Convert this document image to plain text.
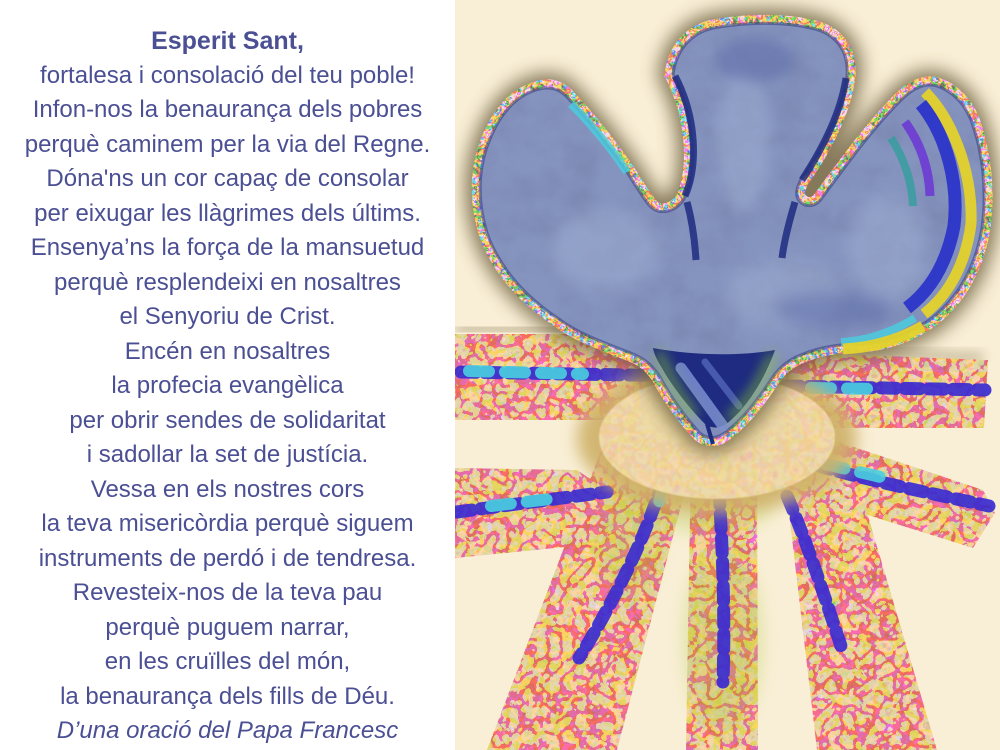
Esperit Sant,
fortalesa i consolació del teu poble!
Infon-nos la benaurança dels pobres
perquè caminem per la via del Regne.
Dóna'ns un cor capaç de consolar
per eixugar les llàgrimes dels últims.
Ensenya’ns la força de la mansuetud
perquè resplendeixi en nosaltres
el Senyoriu de Crist.
Encén en nosaltres
la profecia evangèlica
per obrir sendes de solidaritat
i sadollar la set de justícia.
Vessa en els nostres cors
la teva misericòrdia perquè siguem
instruments de perdó i de tendresa.
Revesteix-nos de la teva pau
perquè puguem narrar,
en les cruïlles del món,
la benaurança dels fills de Déu.
D’una oració del Papa Francesc
